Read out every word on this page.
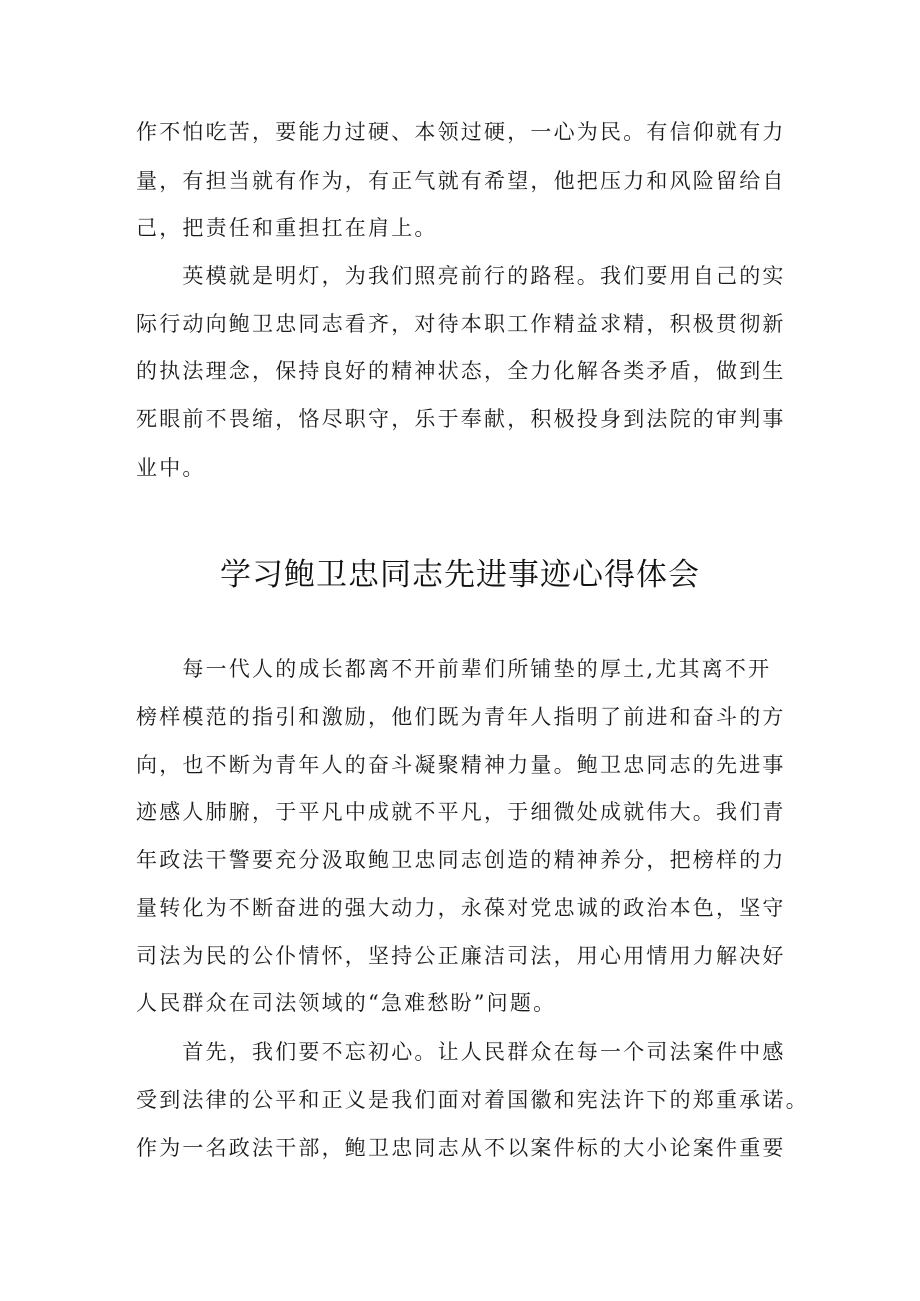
作不怕吃苦，要能力过硬、本领过硬，一心为民。有信仰就有力
量，有担当就有作为，有正气就有希望，他把压力和风险留给自
己，把责任和重担扛在肩上。
　　英模就是明灯，为我们照亮前行的路程。我们要用自己的实
际行动向鲍卫忠同志看齐，对待本职工作精益求精，积极贯彻新
的执法理念，保持良好的精神状态，全力化解各类矛盾，做到生
死眼前不畏缩，恪尽职守，乐于奉献，积极投身到法院的审判事
业中。
学习鲍卫忠同志先进事迹心得体会
　　每一代人的成长都离不开前辈们所铺垫的厚土,尤其离不开
榜样模范的指引和激励，他们既为青年人指明了前进和奋斗的方
向，也不断为青年人的奋斗凝聚精神力量。鲍卫忠同志的先进事
迹感人肺腑，于平凡中成就不平凡，于细微处成就伟大。我们青
年政法干警要充分汲取鲍卫忠同志创造的精神养分，把榜样的力
量转化为不断奋进的强大动力，永葆对党忠诚的政治本色，坚守
司法为民的公仆情怀，坚持公正廉洁司法，用心用情用力解决好
人民群众在司法领域的“急难愁盼”问题。
　　首先，我们要不忘初心。让人民群众在每一个司法案件中感
受到法律的公平和正义是我们面对着国徽和宪法许下的郑重承诺。
作为一名政法干部，鲍卫忠同志从不以案件标的大小论案件重要
